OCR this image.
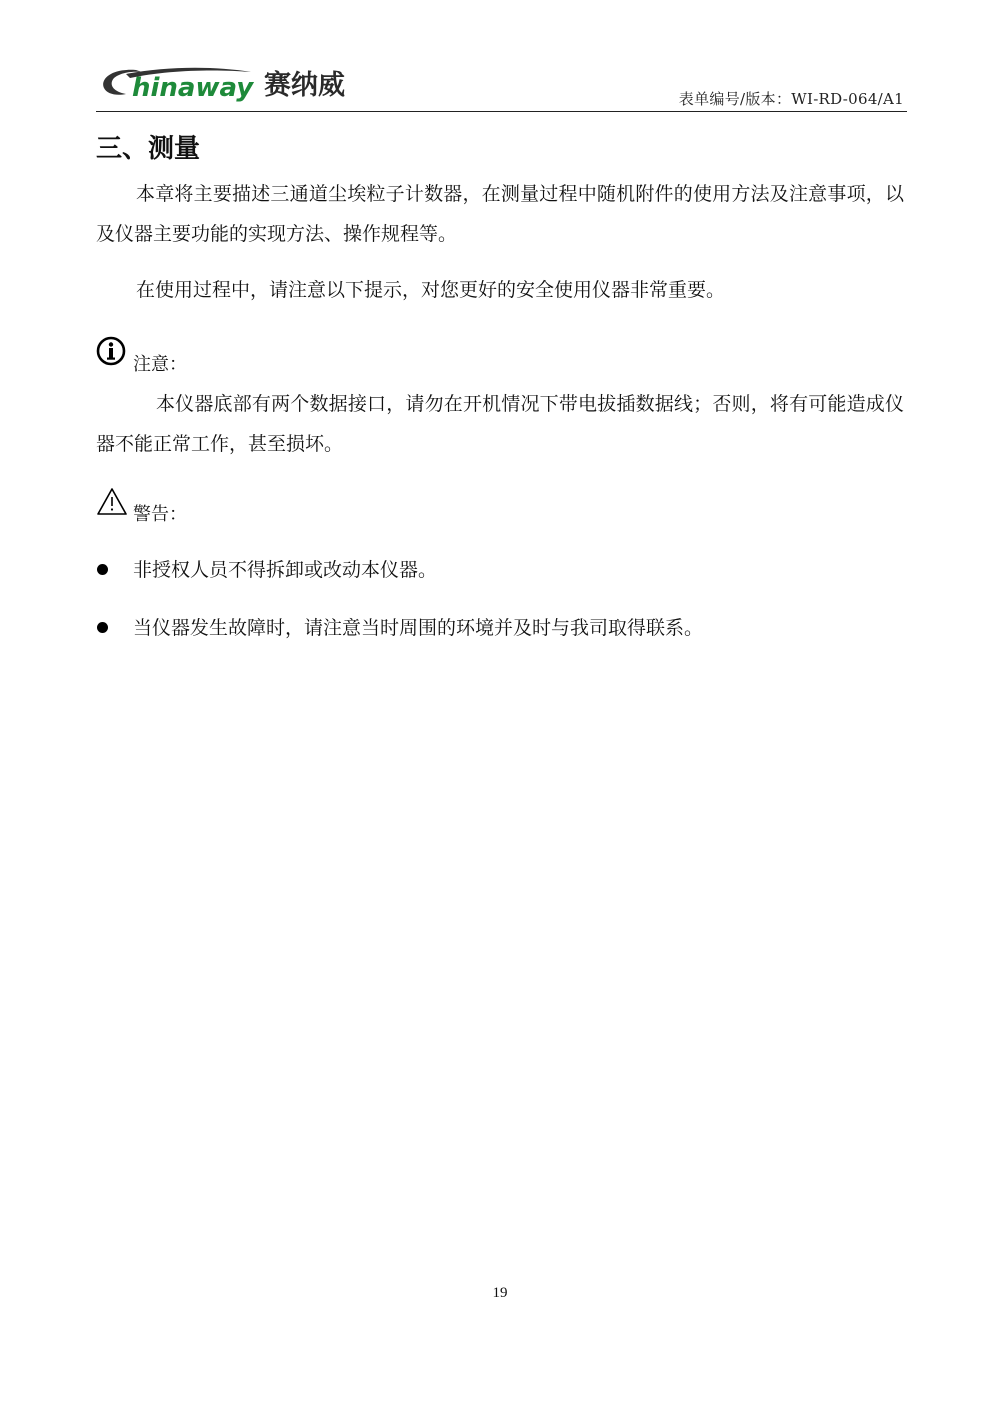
hinaway 赛纳威	表单编号/版本：WI-RD-064/A1
三、测量

本章将主要描述三通道尘埃粒子计数器，在测量过程中随机附件的使用方法及注意事项，以及仪器主要功能的实现方法、操作规程等。

在使用过程中，请注意以下提示，对您更好的安全使用仪器非常重要。

注意：

本仪器底部有两个数据接口，请勿在开机情况下带电拔插数据线；否则，将有可能造成仪器不能正常工作，甚至损坏。

警告：
非授权人员不得拆卸或改动本仪器。
当仪器发生故障时，请注意当时周围的环境并及时与我司取得联系。
19
